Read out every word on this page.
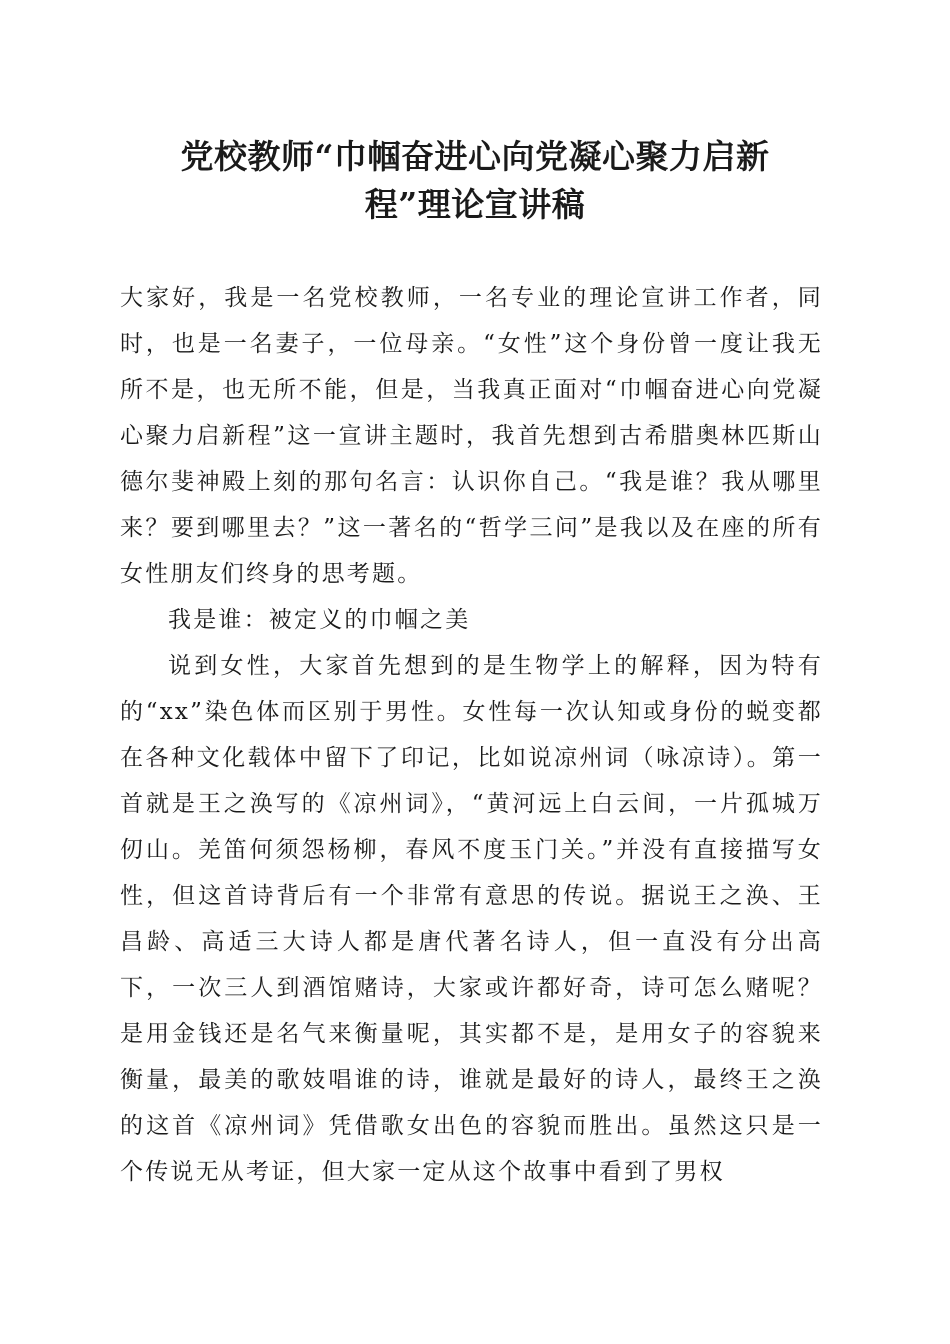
党校教师“巾帼奋进心向党凝心聚力启新
程”理论宣讲稿

大家好，我是一名党校教师，一名专业的理论宣讲工作者，同时，也是一名妻子，一位母亲。“女性”这个身份曾一度让我无所不是，也无所不能，但是，当我真正面对“巾帼奋进心向党凝心聚力启新程”这一宣讲主题时，我首先想到古希腊奥林匹斯山德尔斐神殿上刻的那句名言：认识你自己。“我是谁？我从哪里来？要到哪里去？”这一著名的“哲学三问”是我以及在座的所有女性朋友们终身的思考题。

我是谁：被定义的巾帼之美

说到女性，大家首先想到的是生物学上的解释，因为特有的“xx”染色体而区别于男性。女性每一次认知或身份的蜕变都在各种文化载体中留下了印记，比如说凉州词（咏凉诗）。第一首就是王之涣写的《凉州词》，“黄河远上白云间，一片孤城万仞山。羌笛何须怨杨柳，春风不度玉门关。”并没有直接描写女性，但这首诗背后有一个非常有意思的传说。据说王之涣、王昌龄、高适三大诗人都是唐代著名诗人，但一直没有分出高下，一次三人到酒馆赌诗，大家或许都好奇，诗可怎么赌呢？是用金钱还是名气来衡量呢，其实都不是，是用女子的容貌来衡量，最美的歌妓唱谁的诗，谁就是最好的诗人，最终王之涣的这首《凉州词》凭借歌女出色的容貌而胜出。虽然这只是一个传说无从考证，但大家一定从这个故事中看到了男权
